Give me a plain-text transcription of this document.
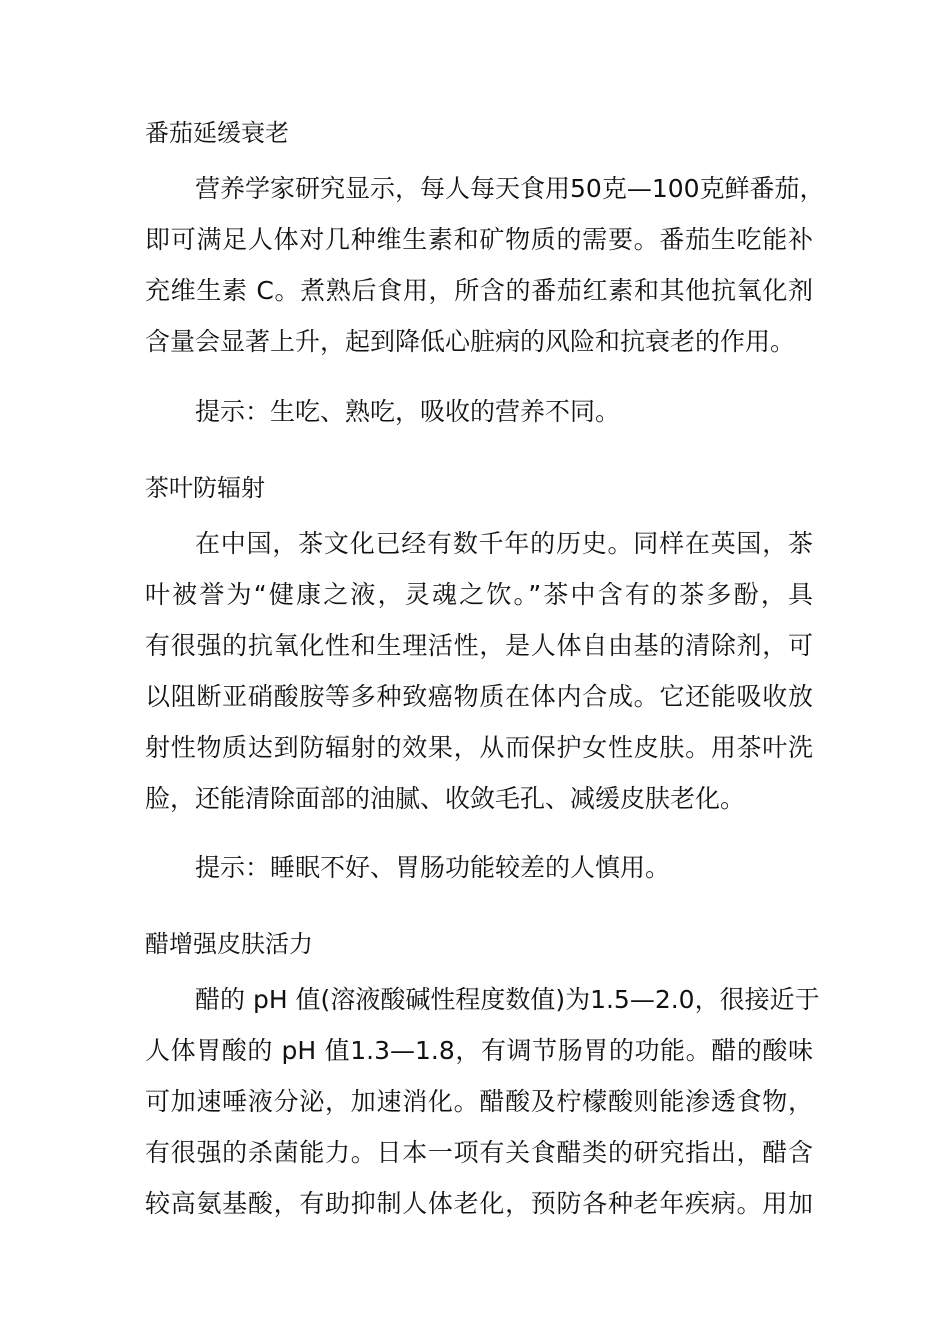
番茄延缓衰老
营养学家研究显示，每人每天食用50克—100克鲜番茄，
即可满足人体对几种维生素和矿物质的需要。番茄生吃能补
充维生素 C。煮熟后食用，所含的番茄红素和其他抗氧化剂
含量会显著上升，起到降低心脏病的风险和抗衰老的作用。
提示：生吃、熟吃，吸收的营养不同。
茶叶防辐射
在中国，茶文化已经有数千年的历史。同样在英国，茶
叶被誉为“健康之液，灵魂之饮。”茶中含有的茶多酚，具
有很强的抗氧化性和生理活性，是人体自由基的清除剂，可
以阻断亚硝酸胺等多种致癌物质在体内合成。它还能吸收放
射性物质达到防辐射的效果，从而保护女性皮肤。用茶叶洗
脸，还能清除面部的油腻、收敛毛孔、减缓皮肤老化。
提示：睡眠不好、胃肠功能较差的人慎用。
醋增强皮肤活力
醋的 pH 值(溶液酸碱性程度数值)为1.5—2.0，很接近于
人体胃酸的 pH 值1.3—1.8，有调节肠胃的功能。醋的酸味
可加速唾液分泌，加速消化。醋酸及柠檬酸则能渗透食物，
有很强的杀菌能力。日本一项有关食醋类的研究指出，醋含
较高氨基酸，有助抑制人体老化，预防各种老年疾病。用加
